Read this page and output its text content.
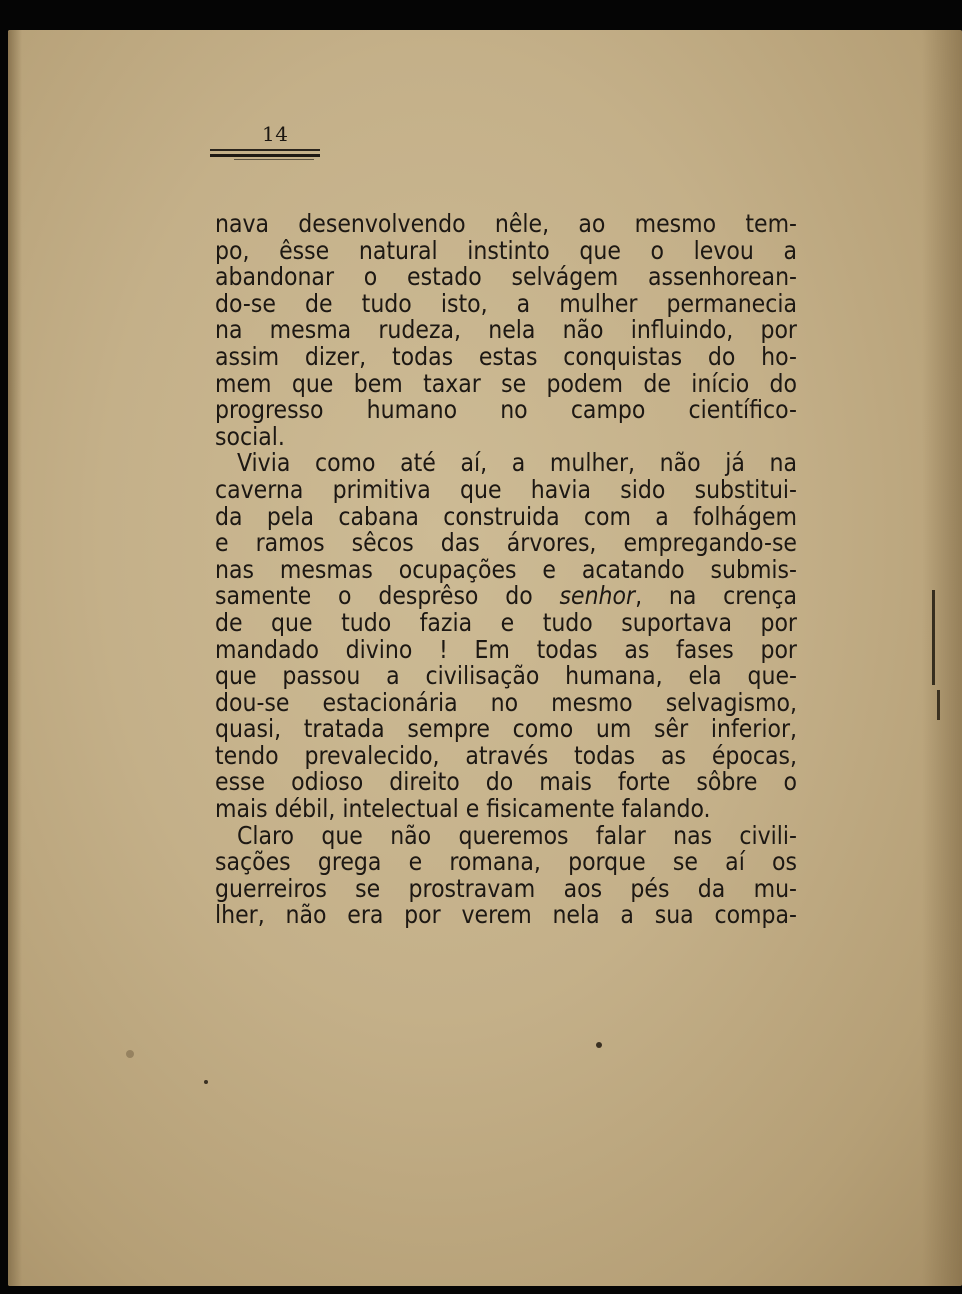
14
nava desenvolvendo nêle, ao mesmo tem-
po, êsse natural instinto que o levou a
abandonar o estado selvágem assenhorean-
do-se de tudo isto, a mulher permanecia
na mesma rudeza, nela não influindo, por
assim dizer, todas estas conquistas do ho-
mem que bem taxar se podem de início do
progresso humano no campo científico-
social.
Vivia como até aí, a mulher, não já na
caverna primitiva que havia sido substitui-
da pela cabana construida com a folhágem
e ramos sêcos das árvores, empregando-se
nas mesmas ocupações e acatando submis-
samente o desprêso do senhor, na crença
de que tudo fazia e tudo suportava por
mandado divino ! Em todas as fases por
que passou a civilisação humana, ela que-
dou-se estacionária no mesmo selvagismo,
quasi, tratada sempre como um sêr inferior,
tendo prevalecido, através todas as épocas,
esse odioso direito do mais forte sôbre o
mais débil, intelectual e fisicamente falando.
Claro que não queremos falar nas civili-
sações grega e romana, porque se aí os
guerreiros se prostravam aos pés da mu-
lher, não era por verem nela a sua compa-
